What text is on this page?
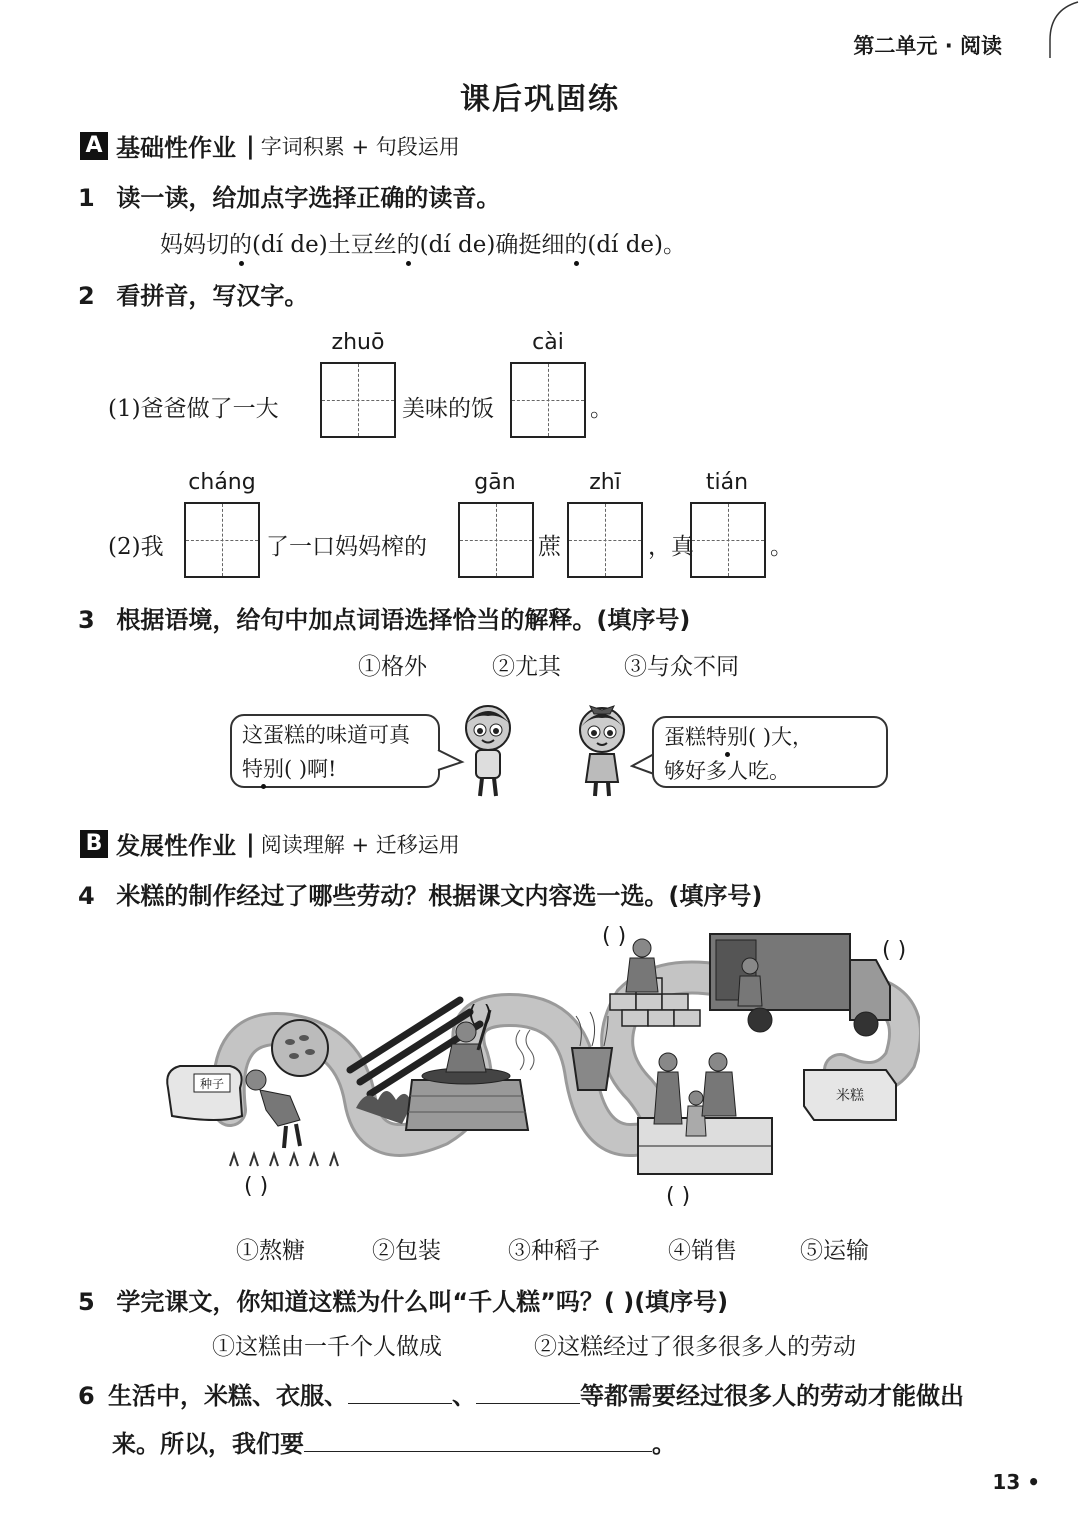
第二单元 · 阅读
课后巩固练
A 基础性作业 | 字词积累 + 句段运用
1 读一读，给加点字选择正确的读音。
妈妈切的(dí de)土豆丝的(dí de)确挺细的(dí de)。
2 看拼音，写汉字。
zhuō	cài
(1)爸爸做了一大	美味的饭	。
cháng	gān	zhī	tián
(2)我	了一口妈妈榨的	蔗	，真	。
3 根据语境，给句中加点词语选择恰当的解释。(填序号)
①格外	②尤其	③与众不同
这蛋糕的味道可真
特别( )啊!
蛋糕特别( )大，
够好多人吃。
B 发展性作业 | 阅读理解 + 迁移运用
4 米糕的制作经过了哪些劳动？根据课文内容选一选。(填序号)
种子
米糕
( )
( )
( )
( )	( )
①熬糖	②包装	③种稻子	④销售	⑤运输
5 学完课文，你知道这糕为什么叫“千人糕”吗？( )(填序号)
①这糕由一千个人做成	②这糕经过了很多很多人的劳动
6 生活中，米糕、衣服、	、	等都需要经过很多人的劳动才能做出
来。所以，我们要	。
13 •
